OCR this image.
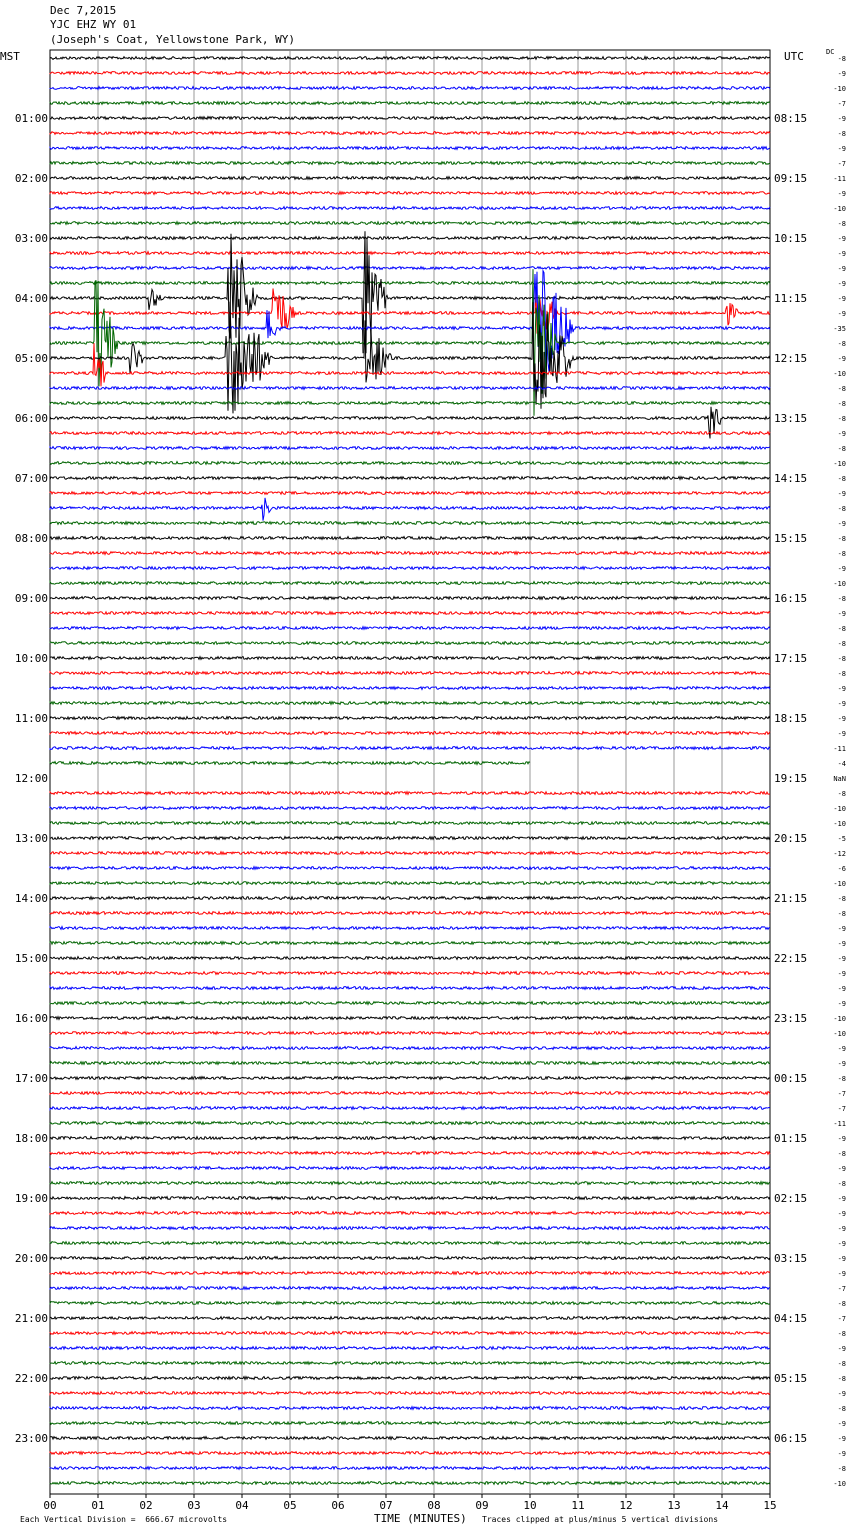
Dec 7,2015
YJC EHZ WY 01
(Joseph's Coat, Yellowstone Park, WY)
MST	UTC	DC
00	01	02	03	04	05	06	07	08	09	10	11	12	13	14	15
-8
-9
-10
-7
-9
-8
-9
-7
-11
-9
-10
-8
-9
-9
-9
-9
-9
-9
-35
-8
-9
-10
-8
-8
-8
-9
-8
-10
-8
-9
-8
-9
-8
-8
-9
-10
-8
-9
-8
-8
-8
-8
-9
-9
-9
-9
-11
-4
NaN
-8
-10
-10
-5
-12
-6
-10
-8
-8
-9
-9
-9
-9
-9
-9
-10
-10
-9
-9
-8
-7
-7
-11
-9
-8
-9
-8
-9
-9
-9
-9
-9
-9
-7
-8
-7
-8
-9
-8
-8
-9
-8
-9
-9
-9
-8
-10
01:00	08:15
02:00	09:15
03:00	10:15
04:00	11:15
05:00	12:15
06:00	13:15
07:00	14:15
08:00	15:15
09:00	16:15
10:00	17:15
11:00	18:15
12:00	19:15
13:00	20:15
14:00	21:15
15:00	22:15
16:00	23:15
17:00	00:15
18:00	01:15
19:00	02:15
20:00	03:15
21:00	04:15
22:00	05:15
23:00	06:15
Each Vertical Division =  666.67 microvolts	TIME (MINUTES) Traces clipped at plus/minus 5 vertical divisions
